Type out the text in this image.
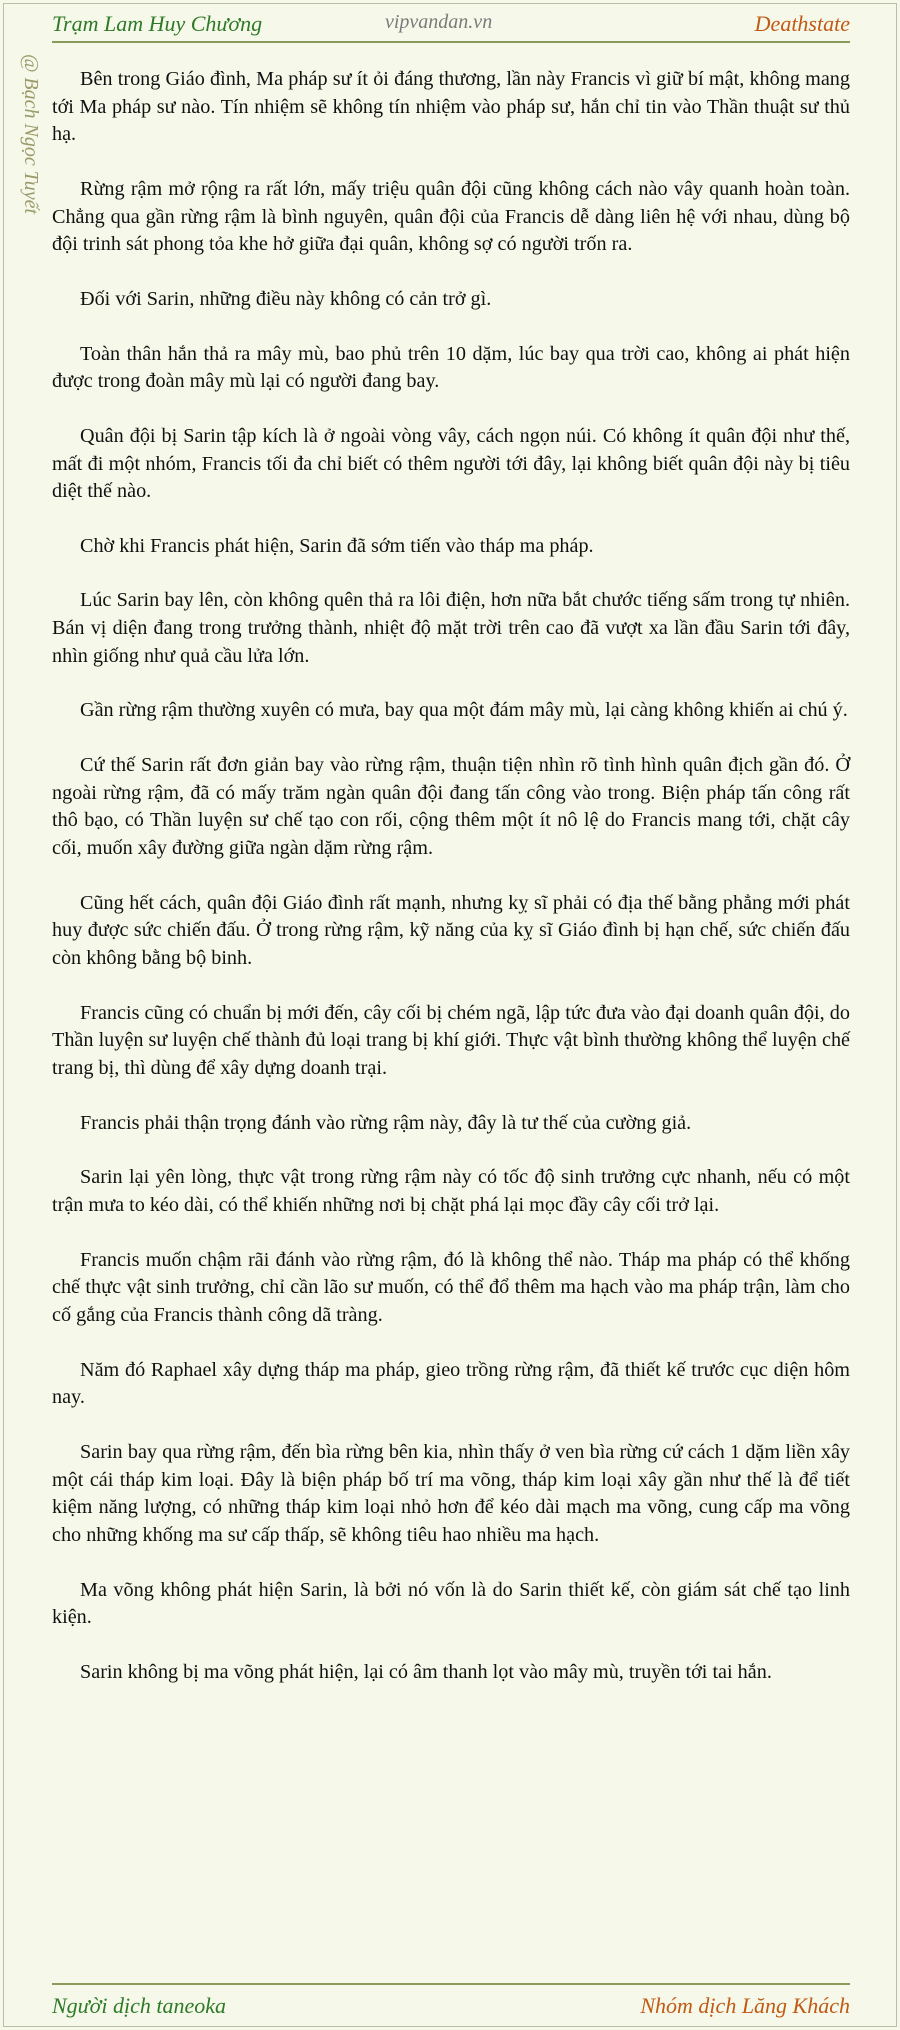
Trạm Lam Huy Chương	vipvandan.vn	Deathstate
@ Bạch Ngọc Tuyết	Bên trong Giáo đình, Ma pháp sư ít ỏi đáng thương, lần này Francis vì giữ bí mật, không mang tới Ma pháp sư nào. Tín nhiệm sẽ không tín nhiệm vào pháp sư, hắn chỉ tin vào Thần thuật sư thủ hạ.

Rừng rậm mở rộng ra rất lớn, mấy triệu quân đội cũng không cách nào vây quanh hoàn toàn. Chẳng qua gần rừng rậm là bình nguyên, quân đội của Francis dễ dàng liên hệ với nhau, dùng bộ đội trinh sát phong tỏa khe hở giữa đại quân, không sợ có người trốn ra.

Đối với Sarin, những điều này không có cản trở gì.

Toàn thân hắn thả ra mây mù, bao phủ trên 10 dặm, lúc bay qua trời cao, không ai phát hiện được trong đoàn mây mù lại có người đang bay.

Quân đội bị Sarin tập kích là ở ngoài vòng vây, cách ngọn núi. Có không ít quân đội như thế, mất đi một nhóm, Francis tối đa chỉ biết có thêm người tới đây, lại không biết quân đội này bị tiêu diệt thế nào.

Chờ khi Francis phát hiện, Sarin đã sớm tiến vào tháp ma pháp.

Lúc Sarin bay lên, còn không quên thả ra lôi điện, hơn nữa bắt chước tiếng sấm trong tự nhiên. Bán vị diện đang trong trưởng thành, nhiệt độ mặt trời trên cao đã vượt xa lần đầu Sarin tới đây, nhìn giống như quả cầu lửa lớn.

Gần rừng rậm thường xuyên có mưa, bay qua một đám mây mù, lại càng không khiến ai chú ý.

Cứ thế Sarin rất đơn giản bay vào rừng rậm, thuận tiện nhìn rõ tình hình quân địch gần đó. Ở ngoài rừng rậm, đã có mấy trăm ngàn quân đội đang tấn công vào trong. Biện pháp tấn công rất thô bạo, có Thần luyện sư chế tạo con rối, cộng thêm một ít nô lệ do Francis mang tới, chặt cây cối, muốn xây đường giữa ngàn dặm rừng rậm.

Cũng hết cách, quân đội Giáo đình rất mạnh, nhưng kỵ sĩ phải có địa thế bằng phẳng mới phát huy được sức chiến đấu. Ở trong rừng rậm, kỹ năng của kỵ sĩ Giáo đình bị hạn chế, sức chiến đấu còn không bằng bộ binh.

Francis cũng có chuẩn bị mới đến, cây cối bị chém ngã, lập tức đưa vào đại doanh quân đội, do Thần luyện sư luyện chế thành đủ loại trang bị khí giới. Thực vật bình thường không thể luyện chế trang bị, thì dùng để xây dựng doanh trại.

Francis phải thận trọng đánh vào rừng rậm này, đây là tư thế của cường giả.

Sarin lại yên lòng, thực vật trong rừng rậm này có tốc độ sinh trưởng cực nhanh, nếu có một trận mưa to kéo dài, có thể khiến những nơi bị chặt phá lại mọc đầy cây cối trở lại.

Francis muốn chậm rãi đánh vào rừng rậm, đó là không thể nào. Tháp ma pháp có thể khống chế thực vật sinh trưởng, chỉ cần lão sư muốn, có thể đổ thêm ma hạch vào ma pháp trận, làm cho cố gắng của Francis thành công dã tràng.

Năm đó Raphael xây dựng tháp ma pháp, gieo trồng rừng rậm, đã thiết kế trước cục diện hôm nay.

Sarin bay qua rừng rậm, đến bìa rừng bên kia, nhìn thấy ở ven bìa rừng cứ cách 1 dặm liền xây một cái tháp kim loại. Đây là biện pháp bố trí ma võng, tháp kim loại xây gần như thế là để tiết kiệm năng lượng, có những tháp kim loại nhỏ hơn để kéo dài mạch ma võng, cung cấp ma võng cho những khống ma sư cấp thấp, sẽ không tiêu hao nhiều ma hạch.

Ma võng không phát hiện Sarin, là bởi nó vốn là do Sarin thiết kế, còn giám sát chế tạo linh kiện.

Sarin không bị ma võng phát hiện, lại có âm thanh lọt vào mây mù, truyền tới tai hắn.

Người dịch taneoka	Nhóm dịch Lăng Khách
